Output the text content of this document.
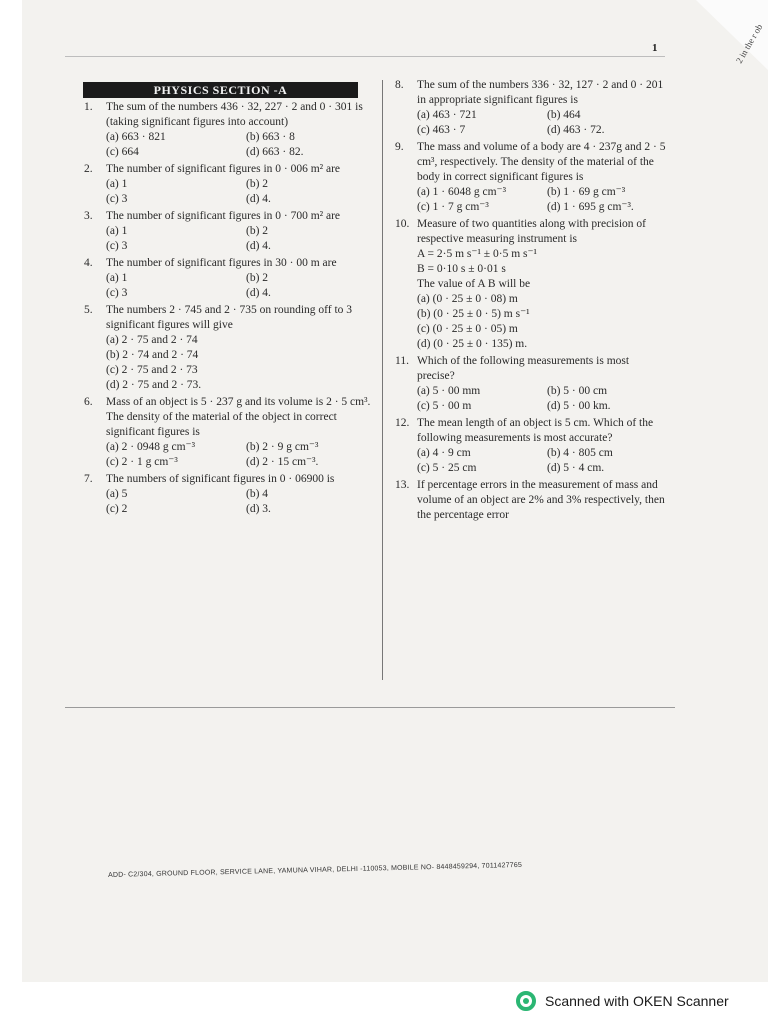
2 in the r ob
1
PHYSICS SECTION -A
1.	The sum of the numbers 436 · 32, 227 · 2 and 0 · 301 is (taking significant figures into account)
(a) 663 · 821	(b) 663 · 8
(c) 664	(d) 663 · 82.
2.	The number of significant figures in 0 · 006 m² are
(a) 1	(b) 2
(c) 3	(d) 4.
3.	The number of significant figures in 0 · 700 m² are
(a) 1	(b) 2
(c) 3	(d) 4.
4.	The number of significant figures in 30 · 00 m are
(a) 1	(b) 2
(c) 3	(d) 4.
5.	The numbers 2 · 745 and 2 · 735 on rounding off to 3 significant figures will give
(a) 2 · 75 and 2 · 74
(b) 2 · 74 and 2 · 74
(c) 2 · 75 and 2 · 73
(d) 2 · 75 and 2 · 73.
6.	Mass of an object is 5 · 237 g and its volume is 2 · 5 cm³. The density of the material of the object in correct significant figures is
(a) 2 · 0948 g cm⁻³	(b) 2 · 9 g cm⁻³
(c) 2 · 1 g cm⁻³	(d) 2 · 15 cm⁻³.
7.	The numbers of significant figures in 0 · 06900 is
(a) 5	(b) 4
(c) 2	(d) 3.
8.	The sum of the numbers 336 · 32, 127 · 2 and 0 · 201 in appropriate significant figures is
(a) 463 · 721	(b) 464
(c) 463 · 7	(d) 463 · 72.
9.	The mass and volume of a body are 4 · 237g and 2 · 5 cm³, respectively. The density of the material of the body in correct significant figures is
(a) 1 · 6048 g cm⁻³	(b) 1 · 69 g cm⁻³
(c) 1 · 7 g cm⁻³	(d) 1 · 695 g cm⁻³.
10. Measure of two quantities along with precision of respective measuring instrument is
A = 2·5 m s⁻¹ ± 0·5 m s⁻¹
B = 0·10 s ± 0·01 s
The value of A B will be
(a) (0 · 25 ± 0 · 08) m
(b) (0 · 25 ± 0 · 5) m s⁻¹
(c) (0 · 25 ± 0 · 05) m
(d) (0 · 25 ± 0 · 135) m.
11. Which of the following measurements is most precise?
(a) 5 · 00 mm	(b) 5 · 00 cm
(c) 5 · 00 m	(d) 5 · 00 km.
12. The mean length of an object is 5 cm. Which of the following measurements is most accurate?
(a) 4 · 9 cm	(b) 4 · 805 cm
(c) 5 · 25 cm	(d) 5 · 4 cm.
13. If percentage errors in the measurement of mass and volume of an object are 2% and 3% respectively, then the percentage error
ADD- C2/304, GROUND FLOOR, SERVICE LANE, YAMUNA VIHAR, DELHI -110053, MOBILE NO- 8448459294, 7011427765
Scanned with OKEN Scanner
